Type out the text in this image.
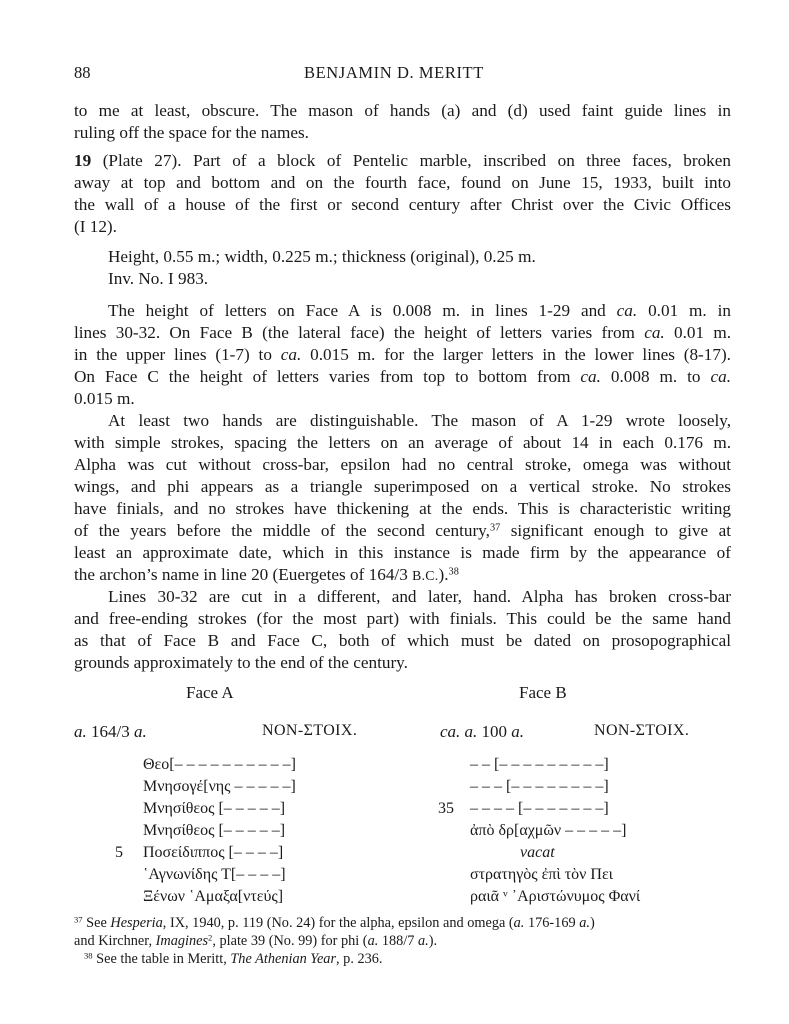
88	BENJAMIN D. MERITT
to me at least, obscure. The mason of hands (a) and (d) used faint guide lines in
ruling off the space for the names.
19 (Plate 27). Part of a block of Pentelic marble, inscribed on three faces, broken
away at top and bottom and on the fourth face, found on June 15, 1933, built into
the wall of a house of the first or second century after Christ over the Civic Offices
(I 12).
Height, 0.55 m.; width, 0.225 m.; thickness (original), 0.25 m.
Inv. No. I 983.
The height of letters on Face A is 0.008 m. in lines 1-29 and ca. 0.01 m. in
lines 30-32. On Face B (the lateral face) the height of letters varies from ca. 0.01 m.
in the upper lines (1-7) to ca. 0.015 m. for the larger letters in the lower lines (8-17).
On Face C the height of letters varies from top to bottom from ca. 0.008 m. to ca.
0.015 m.
At least two hands are distinguishable. The mason of A 1-29 wrote loosely,
with simple strokes, spacing the letters on an average of about 14 in each 0.176 m.
Alpha was cut without cross-bar, epsilon had no central stroke, omega was without
wings, and phi appears as a triangle superimposed on a vertical stroke. No strokes
have finials, and no strokes have thickening at the ends. This is characteristic writing
of the years before the middle of the second century,$^{37}$ significant enough to give at
least an approximate date, which in this instance is made firm by the appearance of
the archon’s name in line 20 (Euergetes of 164/3 B.C.).$^{38}$
Lines 30-32 are cut in a different, and later, hand. Alpha has broken cross-bar
and free-ending strokes (for the most part) with finials. This could be the same hand
as that of Face B and Face C, both of which must be dated on prosopographical
grounds approximately to the end of the century.
Face A
a. 164/3 a.	NON-ΣΤΟΙΧ.
Θεο[– – – – – – – – – –]
Μνησογέ[νης – – – – –]
Μνησίθεος [– – – – –]
Μνησίθεος [– – – – –]
5 Ποσείδιππος [– – – –]
῾Αγνωνίδης Τ[– – – –]
Ξένων ῾Αμαξα[ντεύς]
Face B
ca. a. 100 a.	NON-ΣΤΟΙΧ.
– – [– – – – – – – – –]
– – – [– – – – – – – –]
35 – – – – [– – – – – – –]
ἀπὸ δρ[αχμῶν – – – – –]
vacat
στρατηγὸς ἐπὶ τὸν Πει
ραιᾶ ᵛ ᾿Αριστώνυμος Φανί
$^{37}$ See Hesperia, IX, 1940, p. 119 (No. 24) for the alpha, epsilon and omega (a. 176-169 a.)
and Kirchner, Imagines$^2$, plate 39 (No. 99) for phi (a. 188/7 a.).
$^{38}$ See the table in Meritt, The Athenian Year, p. 236.
